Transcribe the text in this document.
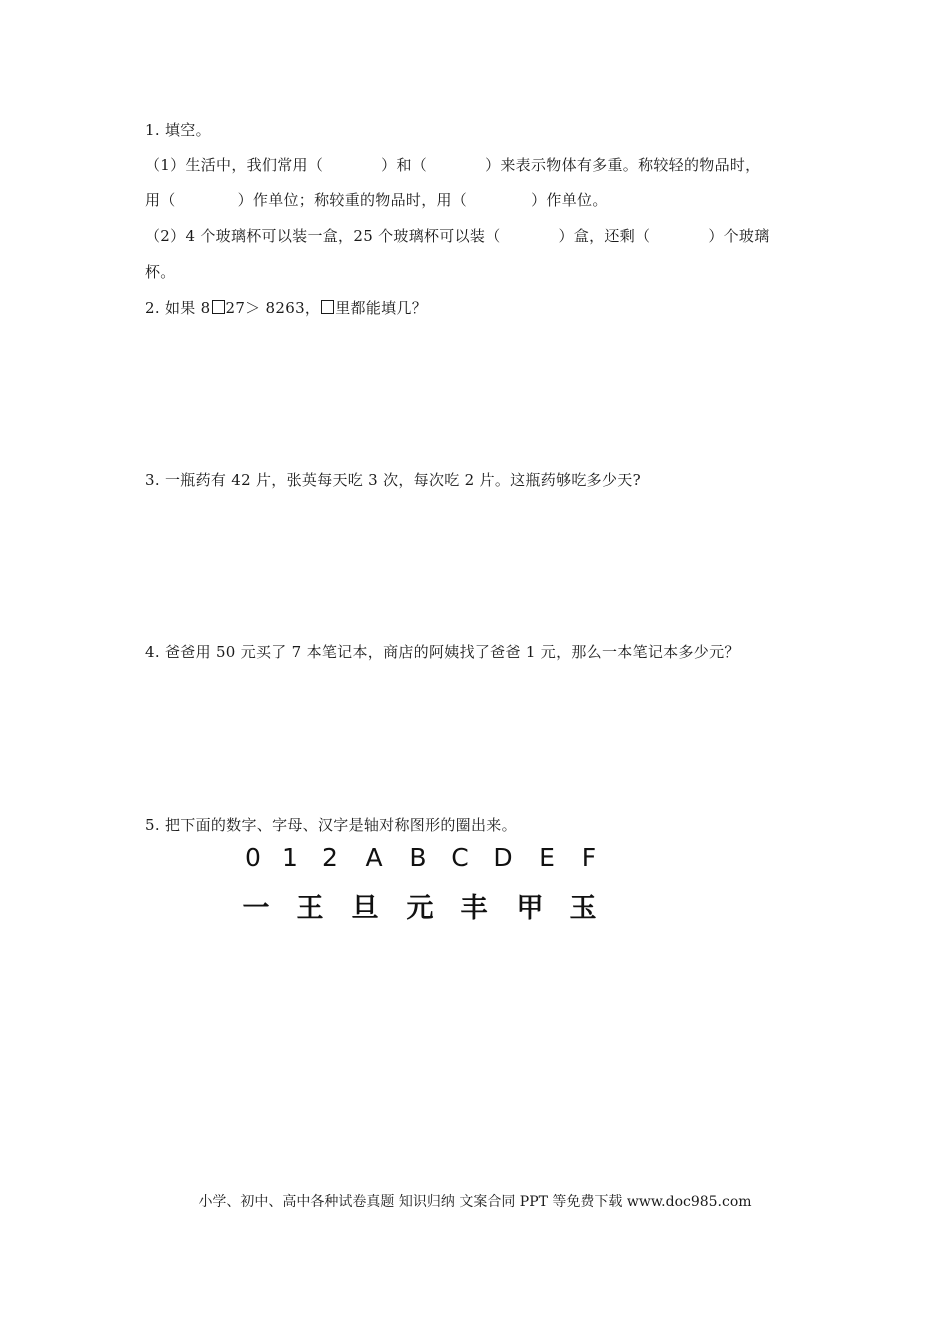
1. 填空。
（1）生活中，我们常用（	）和（	）来表示物体有多重。称较轻的物品时，
用（	）作单位；称较重的物品时，用（	）作单位。
（2）4 个玻璃杯可以装一盒，25 个玻璃杯可以装（	）盒，还剩（	）个玻璃
杯。
2. 如果 8 27＞ 8263， 里都能填几？
3. 一瓶药有 42 片，张英每天吃 3 次，每次吃 2 片。这瓶药够吃多少天?
4. 爸爸用 50 元买了 7 本笔记本，商店的阿姨找了爸爸 1 元，那么一本笔记本多少元？
5. 把下面的数字、字母、汉字是轴对称图形的圈出来。
0 1 2 A B C D E	F
一 王 旦 元 丰 甲 玉
小学、初中、高中各种试卷真题 知识归纳 文案合同 PPT 等免费下载 www.doc985.com
